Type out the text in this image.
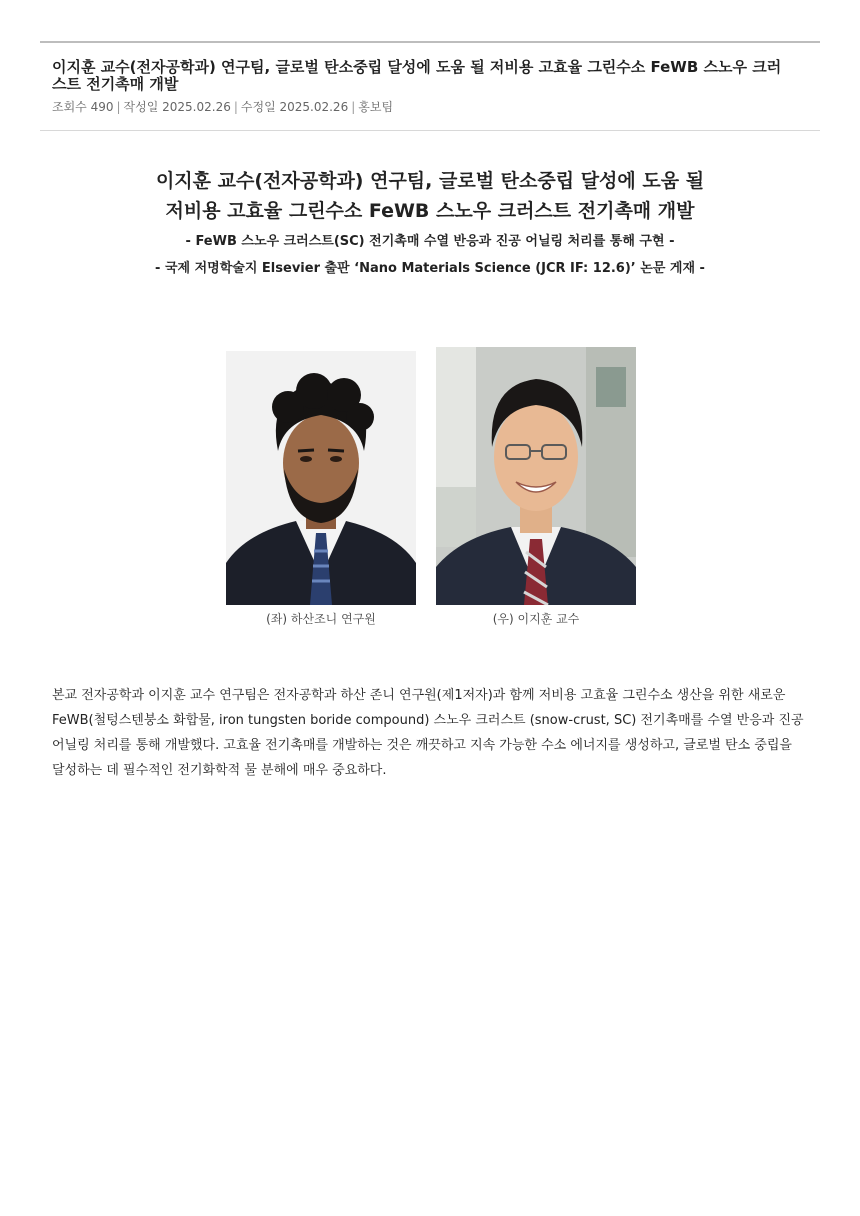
이지훈 교수(전자공학과) 연구팀, 글로벌 탄소중립 달성에 도움 될 저비용 고효율 그린수소 FeWB 스노우 크러스트 전기촉매 개발
조회수 490 | 작성일 2025.02.26 | 수정일 2025.02.26 | 홍보팀
이지훈 교수(전자공학과) 연구팀, 글로벌 탄소중립 달성에 도움 될
저비용 고효율 그린수소 FeWB 스노우 크러스트 전기촉매 개발

- FeWB 스노우 크러스트(SC) 전기촉매 수열 반응과 진공 어닐링 처리를 통해 구현 -

- 국제 저명학술지 Elsevier 출판 ‘Nano Materials Science (JCR IF: 12.6)’ 논문 게재 -

(좌) 하산조니 연구원	(우) 이지훈 교수

본교 전자공학과 이지훈 교수 연구팀은 전자공학과 하산 존니 연구원(제1저자)과 함께 저비용 고효율 그린수소 생산을 위한 새로운 FeWB(철텅스텐붕소 화합물, iron tungsten boride compound) 스노우 크러스트 (snow-crust, SC) 전기촉매를 수열 반응과 진공 어닐링 처리를 통해 개발했다. 고효율 전기촉매를 개발하는 것은 깨끗하고 지속 가능한 수소 에너지를 생성하고, 글로벌 탄소 중립을 달성하는 데 필수적인 전기화학적 물 분해에 매우 중요하다.
